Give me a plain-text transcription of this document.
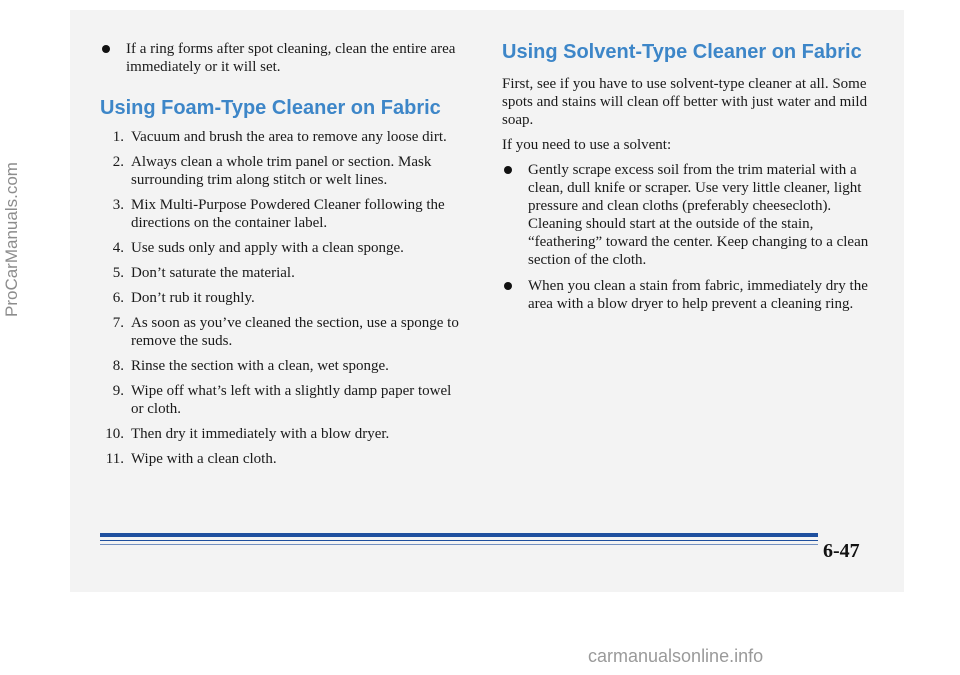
ProCarManuals.com
If a ring forms after spot cleaning, clean the entire area immediately or it will set.
Using Foam-Type Cleaner on Fabric
1. Vacuum and brush the area to remove any loose dirt.
2. Always clean a whole trim panel or section. Mask surrounding trim along stitch or welt lines.
3. Mix Multi-Purpose Powdered Cleaner following the directions on the container label.
4. Use suds only and apply with a clean sponge.
5. Don’t saturate the material.
6. Don’t rub it roughly.
7. As soon as you’ve cleaned the section, use a sponge to remove the suds.
8. Rinse the section with a clean, wet sponge.
9. Wipe off what’s left with a slightly damp paper towel or cloth.
10. Then dry it immediately with a blow dryer.
11. Wipe with a clean cloth.
Using Solvent-Type Cleaner on Fabric

First, see if you have to use solvent-type cleaner at all. Some spots and stains will clean off better with just water and mild soap.

If you need to use a solvent:

Gently scrape excess soil from the trim material with a clean, dull knife or scraper. Use very little cleaner, light pressure and clean cloths (preferably cheesecloth). Cleaning should start at the outside of the stain, “feathering” toward the center. Keep changing to a clean section of the cloth.
When you clean a stain from fabric, immediately dry the area with a blow dryer to help prevent a cleaning ring.
6-47
carmanualsonline.info
